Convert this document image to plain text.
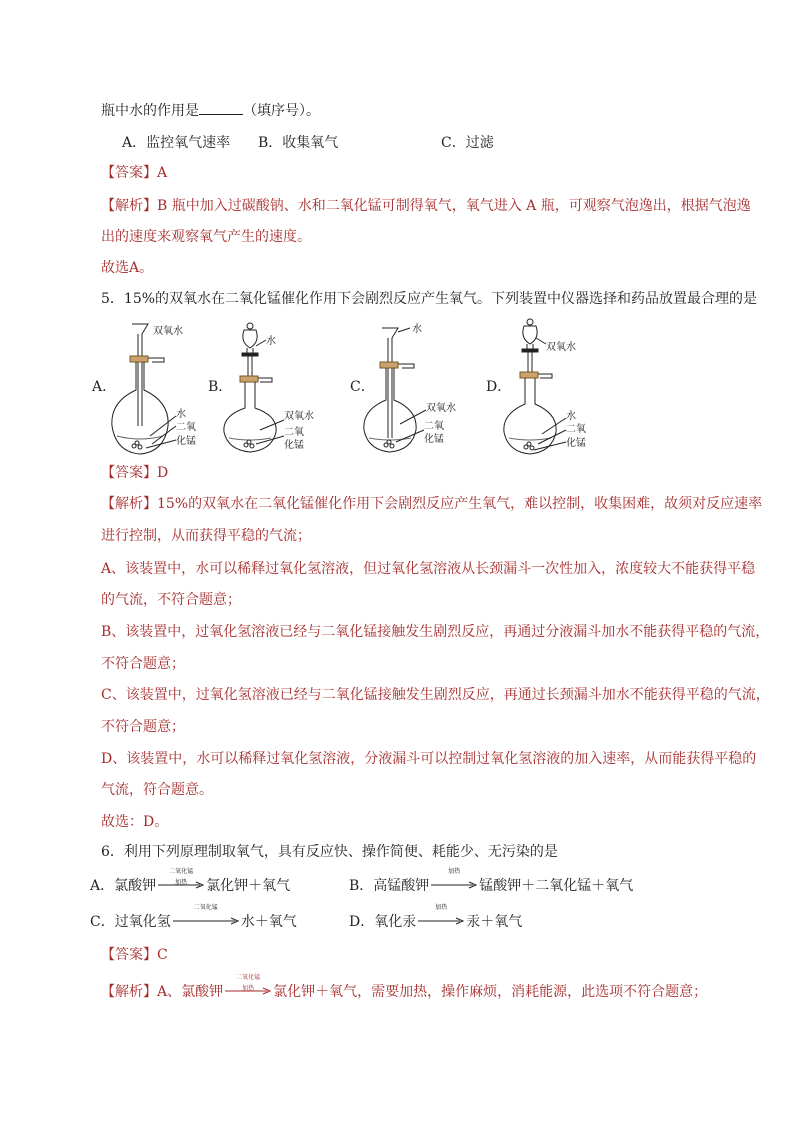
瓶中水的作用是	（填序号）。
A．监控氧气速率 B．收集氧气	C．过滤
【答案】A
【解析】B 瓶中加入过碳酸钠、水和二氧化锰可制得氧气，氧气进入 A 瓶，可观察气泡逸出，根据气泡逸
出的速度来观察氧气产生的速度。
故选A。
5．15%的双氧水在二氧化锰催化作用下会剧烈反应产生氧气。下列装置中仪器选择和药品放置最合理的是
A．	B．	C．	D．
双氧水
水
二 氧
化锰
水
双氧水
二氧
化锰
水
双氧水
二氧
化锰
双氧水
水
二 氧
化锰
【答案】D
【解析】15%的双氧水在二氧化锰催化作用下会剧烈反应产生氧气，难以控制，收集困难，故须对反应速率
进行控制，从而获得平稳的气流；
A、该装置中，水可以稀释过氧化氢溶液，但过氧化氢溶液从长颈漏斗一次性加入，浓度较大不能获得平稳
的气流，不符合题意；
B、该装置中，过氧化氢溶液已经与二氧化锰接触发生剧烈反应，再通过分液漏斗加水不能获得平稳的气流，
不符合题意；
C、该装置中，过氧化氢溶液已经与二氧化锰接触发生剧烈反应，再通过长颈漏斗加水不能获得平稳的气流，
不符合题意；
D、该装置中，水可以稀释过氧化氢溶液，分液漏斗可以控制过氧化氢溶液的加入速率，从而能获得平稳的
气流，符合题意。
故选：D。
6．利用下列原理制取氧气，具有反应快、操作简便、耗能少、无污染的是
A．氯酸钾
二氧化锰
加热	氯化钾＋氧气	B．高锰酸钾
加热
锰酸钾＋二氧化锰＋氧气
C．过氧化氢
二氧化锰
水＋氧气	D．氧化汞
加热
汞＋氧气
【答案】C
【解析】A、氯酸钾
二氧化锰
加热	氯化钾＋氧气，需要加热，操作麻烦，消耗能源，此选项不符合题意；
